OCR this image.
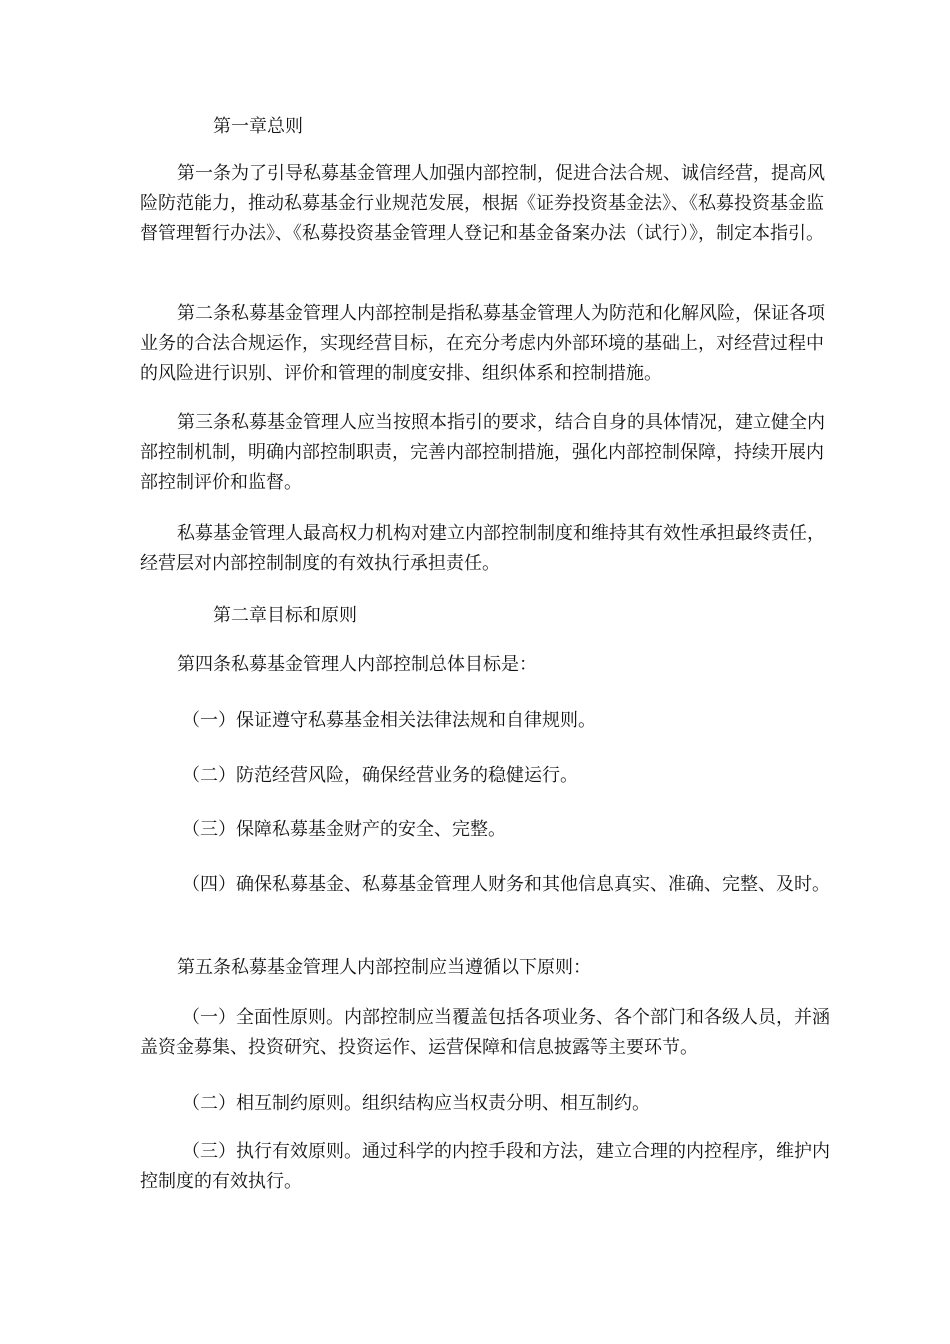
第一章总则

第一条为了引导私募基金管理人加强内部控制，促进合法合规、诚信经营，提高风险防范能力，推动私募基金行业规范发展，根据《证券投资基金法》、《私募投资基金监督管理暂行办法》、《私募投资基金管理人登记和基金备案办法（试行）》，制定本指引。

第二条私募基金管理人内部控制是指私募基金管理人为防范和化解风险，保证各项业务的合法合规运作，实现经营目标，在充分考虑内外部环境的基础上，对经营过程中的风险进行识别、评价和管理的制度安排、组织体系和控制措施。

第三条私募基金管理人应当按照本指引的要求，结合自身的具体情况，建立健全内部控制机制，明确内部控制职责，完善内部控制措施，强化内部控制保障，持续开展内部控制评价和监督。

私募基金管理人最高权力机构对建立内部控制制度和维持其有效性承担最终责任，经营层对内部控制制度的有效执行承担责任。

第二章目标和原则

第四条私募基金管理人内部控制总体目标是：

（一）保证遵守私募基金相关法律法规和自律规则。

（二）防范经营风险，确保经营业务的稳健运行。

（三）保障私募基金财产的安全、完整。

（四）确保私募基金、私募基金管理人财务和其他信息真实、准确、完整、及时。

第五条私募基金管理人内部控制应当遵循以下原则：

（一）全面性原则。内部控制应当覆盖包括各项业务、各个部门和各级人员，并涵盖资金募集、投资研究、投资运作、运营保障和信息披露等主要环节。

（二）相互制约原则。组织结构应当权责分明、相互制约。

（三）执行有效原则。通过科学的内控手段和方法，建立合理的内控程序，维护内控制度的有效执行。
